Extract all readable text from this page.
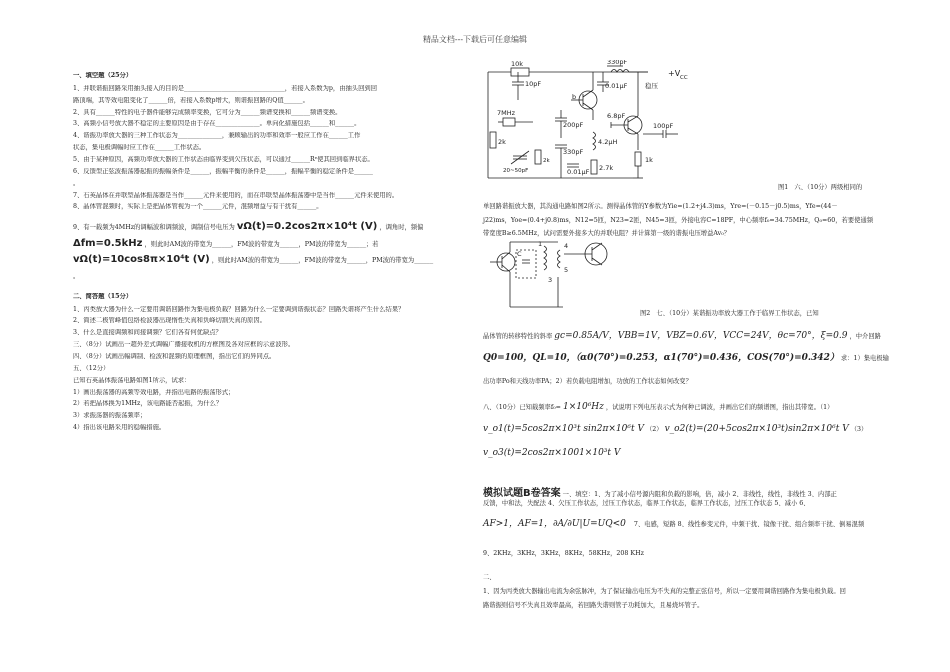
精品文档---下载后可任意编辑
一、填空题（25分）
1、并联谐振回路采用抽头接入的目的是________________________________，若接入系数为p，由抽头回到回
路顶端，其等效电阻变化了______倍，若接入系数p增大，则谐振回路的Q值______。
2、具有______特性的电子器件能够完成频率变换，它可分为______频谱变换和______频谱变换。
3、高频小信号放大器不稳定的主要原因是由于存在______________。单向化措施包括______和______。
4、谐振功率放大器的三种工作状态为______________，兼顾输出的功率和效率一般应工作在______工作
状态，集电极调幅时应工作在______工作状态。
5、由于某种原因，高频功率放大器的工作状态由临界变到欠压状态，可以通过______Rᵉ使其回到临界状态。
6、反馈型正弦波振荡器起振的振幅条件是______，振幅平衡的条件是______，振幅平衡的稳定条件是______
。
7、石英晶体在并联型晶体振荡器是当作______元件来使用的，而在串联型晶体振荡器中是当作______元件来使用的。
8、晶体管混频时，实际上是把晶体管视为一个______元件，混频增益与有干扰有______。
9、有一载频为4MHz的调幅波和调频波，调制信号电压为 vΩ(t)=0.2cos2π×10⁴t (V) ，调角时，频偏
Δfm=0.5kHz ，则此时AM波的带宽为______，FM波的带宽为______，PM波的带宽为______；若
vΩ(t)=10cos8π×10⁴t (V) ，则此时AM波的带宽为______，FM波的带宽为______，PM波的带宽为______
。
二、简答题（15分）
1、丙类放大器为什么一定要用调谐回路作为集电极负载？回路为什么一定要调到谐振状态？回路失谐将产生什么结果？
2、简述二极管峰值包络检波器出现惰性失真和负峰切割失真的原因。
3、什么是直接调频和间接调频？它们各有何优缺点？
三、（8分）试画出一超外差式调幅广播接收机的方框图及各对应框的示意波形。
四、（8分）试画出幅调制、检波和混频的原理框图，指出它们的异同点。
五、（12分）
已知石英晶体振荡电路如图1所示，试求：
1）画出振荡器的高频等效电路，并指出电路的振荡形式；
2）若把晶体换为1MHz，该电路能否起振，为什么？
3）求振荡器的振荡频率；
4）指出该电路采用的稳幅措施。
10k
10pF
330pF
0.01μF
b
稳压
+V CC
7MHz
200pF
6.8pF
100pF
2k
330pF
4.2μH
1k
20~50pF
2k
0.01μF 2.7k
C
1	4
3
5
图1 六、（10分）两级相同的
单回路谐振放大器，其沟通电路如图2所示。测得晶体管的Y参数为Yie=(1.2+j4.3)ms，Yre=(－0.15－j0.5)ms，Yfe=(44－
j22)ms，Yoe=(0.4+j0.8)ms，N12=5匝，N23=2匝，N45=3匝，外接电容C=18PF，中心频率f₀=34.75MHz，Q₀=60，若要使通频
带宽度B≥6.5MHz，试问需要外接多大的并联电阻？并计算第一级的谐振电压增益Av₀？
图2 七、（10分）某谐振功率放大器工作于临界工作状态，已知
晶体管的转移特性的斜率 gc=0.85A/V，VBB=1V，VBZ=0.6V，VCC=24V，θc=70°，ξ=0.9 ，中介回路
Q0=100，QL=10，（α0(70°)=0.253，α1(70°)=0.436，COS(70°)=0.342） 求：1）集电极输
出功率Po和天线功率PA；2）若负载电阻增加，功放的工作状态如何改变？
八、（10分）已知载频率f₀= 1×10⁶Hz ，试说明下列电压表示式为何种已调波，并画出它们的频谱图，指出其带宽。（1）
v_o1(t)=5cos2π×10³t sin2π×10⁶t V （2） v_o2(t)=(20+5cos2π×10³t)sin2π×10⁶t V （3）
v_o3(t)=2cos2π×1001×10³t V
模拟试题B卷答案 一、填空：1、为了减小信号源内阻和负载的影响，倍，减小 2、非线性，线性，非线性 3、内部正
反馈，中和法，失配法 4、欠压工作状态，过压工作状态，临界工作状态，临界工作状态，过压工作状态 5、减小 6、
AF>1，AF=1，∂A/∂U|U=UQ<0 7、电感，短路 8、线性参变元件，中频干扰、镜像干扰、组合频率干扰、倒易混频
9、2KHz，3KHz，3KHz，8KHz，58KHz，208 KHz
二、
1、因为丙类放大器输出电流为余弦脉冲，为了保证输出电压为不失真的完整正弦信号，所以一定要用调谐回路作为集电极负载。回
路谐振则信号不失真且效率最高，若回路失谐则管子功耗加大，且易烧坏管子。
